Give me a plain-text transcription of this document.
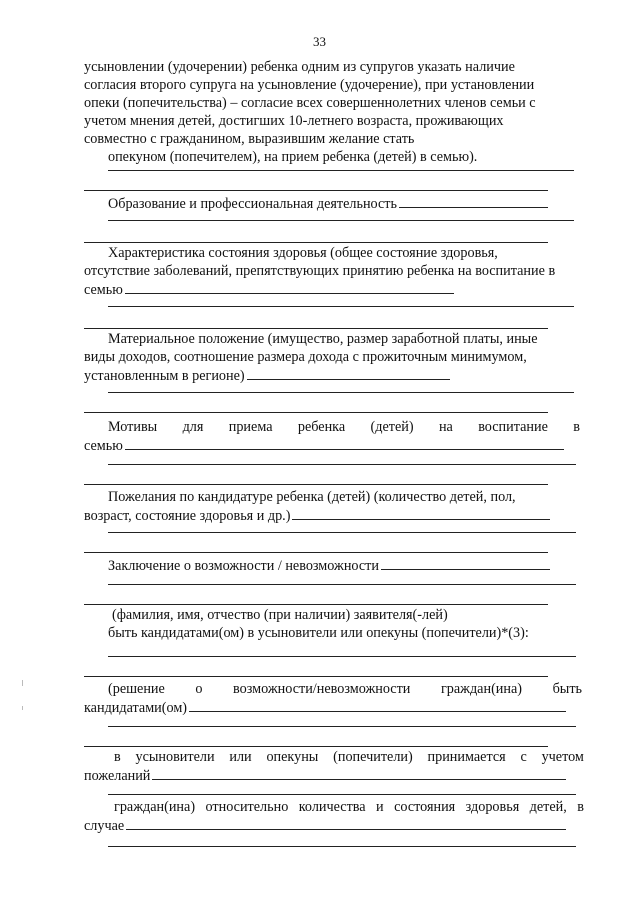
33
усыновлении (удочерении) ребенка одним из супругов указать наличие
согласия второго супруга на усыновление (удочерение), при установлении
опеки (попечительства) – согласие всех совершеннолетних членов семьи с
учетом мнения детей, достигших 10-летнего возраста, проживающих
совместно с гражданином, выразившим желание стать
опекуном (попечителем), на прием ребенка (детей) в семью).
Образование и профессиональная деятельность
Характеристика состояния здоровья (общее состояние здоровья,
отсутствие заболеваний, препятствующих принятию ребенка на воспитание в
семью
Материальное положение (имущество, размер заработной платы, иные
виды доходов, соотношение размера дохода с прожиточным минимумом,
установленным в регионе)
Мотивы для приема ребенка (детей) на воспитание в
семью
Пожелания по кандидатуре ребенка (детей) (количество детей, пол,
возраст, состояние здоровья и др.)
Заключение о возможности / невозможности
(фамилия, имя, отчество (при наличии) заявителя(-лей)
быть кандидатами(ом) в усыновители или опекуны (попечители)*(3):
(решение о возможности/невозможности граждан(ина) быть
кандидатами(ом)
в усыновители или опекуны (попечители) принимается с учетом
пожеланий
граждан(ина) относительно количества и состояния здоровья детей, в
случае
